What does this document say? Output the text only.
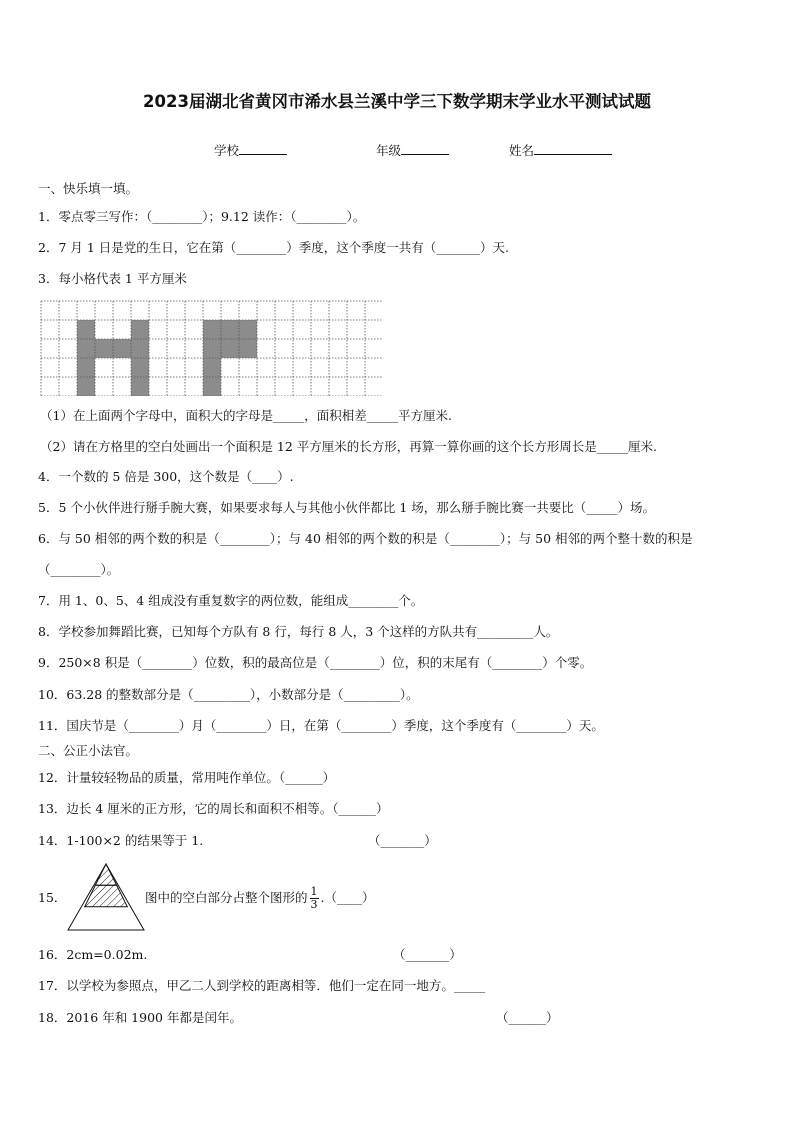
2023届湖北省黄冈市浠水县兰溪中学三下数学期末学业水平测试试题
学校	年级	姓名
一、快乐填一填。
1．零点零三写作：（________）；9.12 读作：（________）。
2．7 月 1 日是党的生日，它在第（________）季度，这个季度一共有（_______）天.
3．每小格代表 1 平方厘米
（1）在上面两个字母中，面积大的字母是_____，面积相差_____平方厘米.
（2）请在方格里的空白处画出一个面积是 12 平方厘米的长方形，再算一算你画的这个长方形周长是_____厘米.
4．一个数的 5 倍是 300，这个数是（____）.
5．5 个小伙伴进行掰手腕大赛，如果要求每人与其他小伙伴都比 1 场，那么掰手腕比赛一共要比（_____）场。
6．与 50 相邻的两个数的积是（________）；与 40 相邻的两个数的积是（________）；与 50 相邻的两个整十数的积是
（________）。
7．用 1、0、5、4 组成没有重复数字的两位数，能组成________个。
8．学校参加舞蹈比赛，已知每个方队有 8 行，每行 8 人，3 个这样的方队共有_________人。
9．250×8 积是（________）位数，积的最高位是（________）位，积的末尾有（________）个零。
10．63.28 的整数部分是（_________），小数部分是（_________）。
11．国庆节是（________）月（________）日，在第（________）季度，这个季度有（________）天。
二、公正小法官。
12．计量较轻物品的质量，常用吨作单位。（______）
13．边长 4 厘米的正方形，它的周长和面积不相等。（______）
14．1-100×2 的结果等于 1.	（_______）
15．	图中的空白部分占整个图形的 $\frac{1}{3}$ .（____）
16．2cm=0.02m.	（_______）
17．以学校为参照点，甲乙二人到学校的距离相等．他们一定在同一地方。_____
18．2016 年和 1900 年都是闰年。	（______）
